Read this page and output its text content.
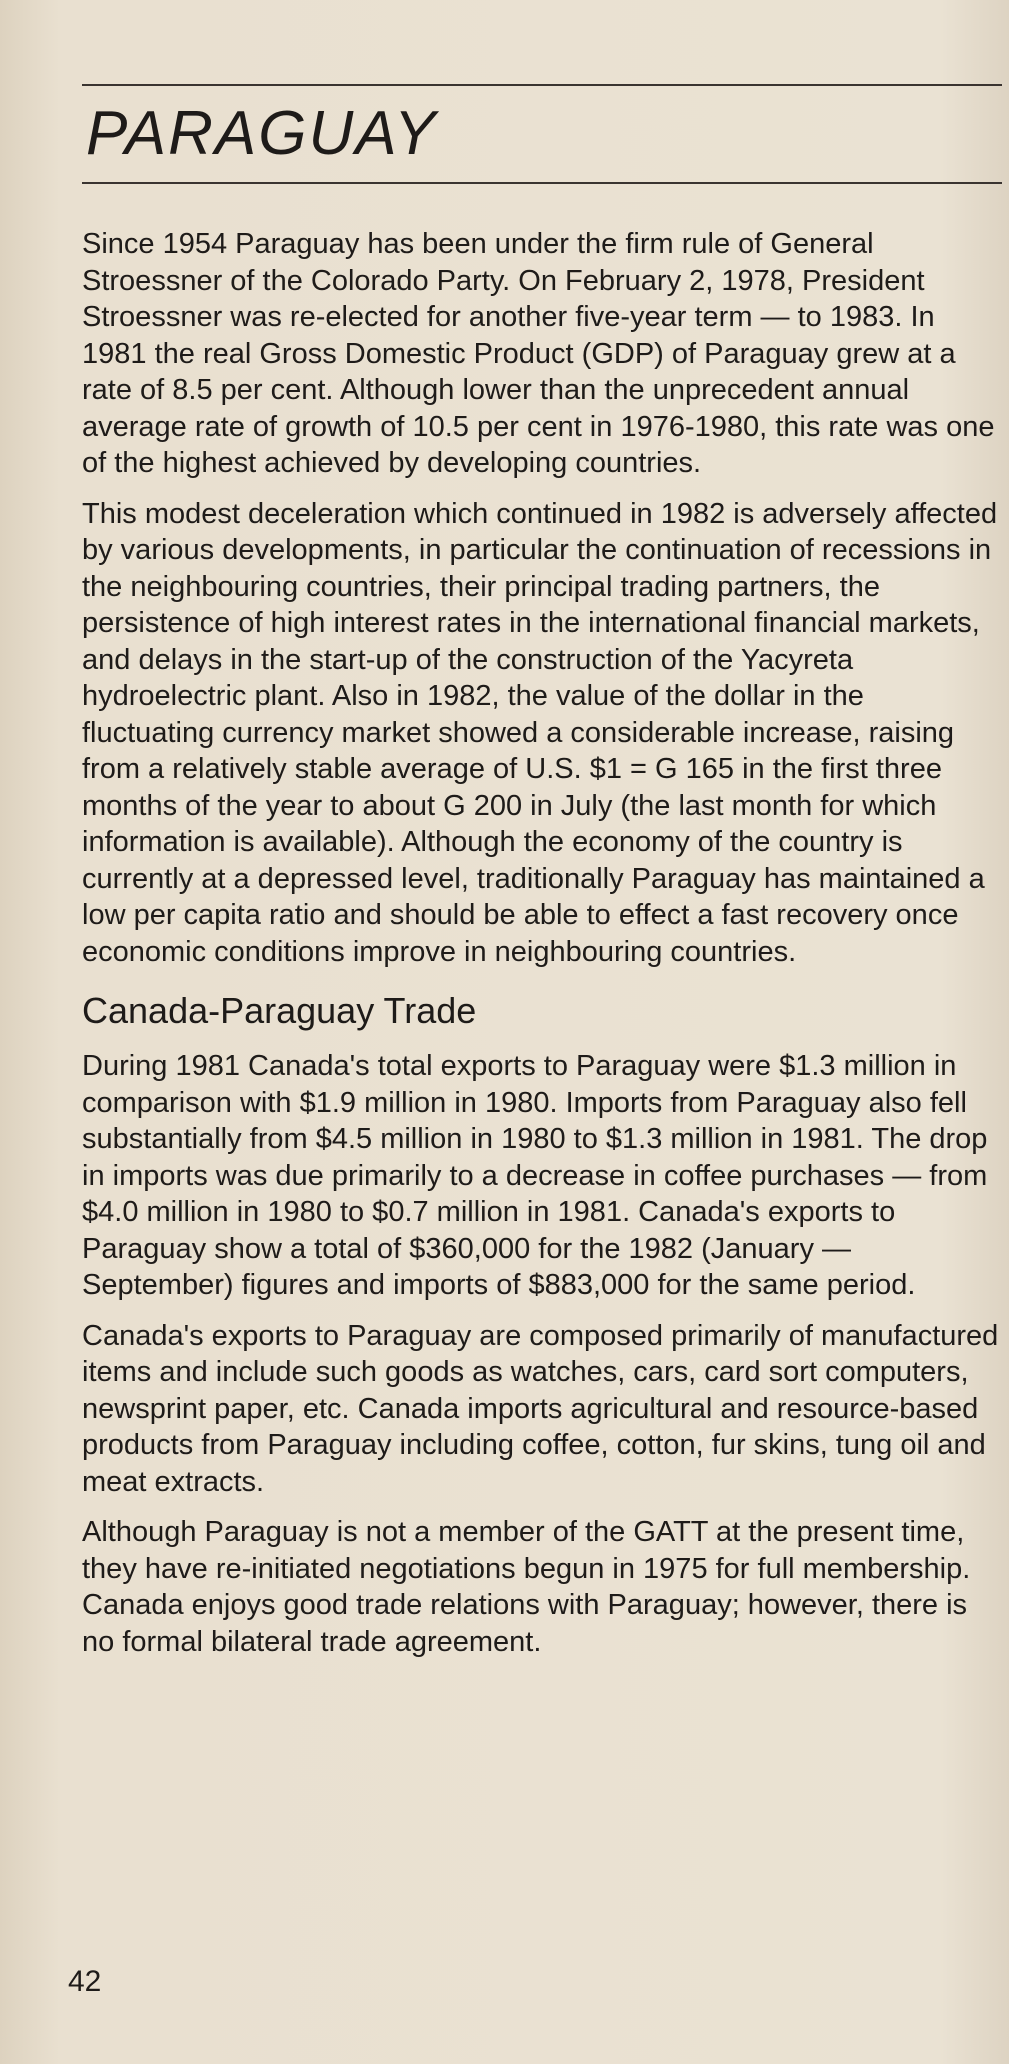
PARAGUAY

Since 1954 Paraguay has been under the firm rule of General Stroessner of the Colorado Party. On February 2, 1978, President Stroessner was re-elected for another five-year term — to 1983. In 1981 the real Gross Domestic Product (GDP) of Paraguay grew at a rate of 8.5 per cent. Although lower than the unprecedent annual average rate of growth of 10.5 per cent in 1976-1980, this rate was one of the highest achieved by developing countries.

This modest deceleration which continued in 1982 is adversely affected by various developments, in particular the continuation of recessions in the neighbouring countries, their principal trading partners, the persistence of high interest rates in the international financial markets, and delays in the start-up of the construction of the Yacyreta hydroelectric plant. Also in 1982, the value of the dollar in the fluctuating currency market showed a considerable increase, raising from a relatively stable average of U.S. $1 = G 165 in the first three months of the year to about G 200 in July (the last month for which information is available). Although the economy of the country is currently at a depressed level, traditionally Paraguay has maintained a low per capita ratio and should be able to effect a fast recovery once economic conditions improve in neighbouring countries.

Canada-Paraguay Trade

During 1981 Canada's total exports to Paraguay were $1.3 million in comparison with $1.9 million in 1980. Imports from Paraguay also fell substantially from $4.5 million in 1980 to $1.3 million in 1981. The drop in imports was due primarily to a decrease in coffee purchases — from $4.0 million in 1980 to $0.7 million in 1981. Canada's exports to Paraguay show a total of $360,000 for the 1982 (January — September) figures and imports of $883,000 for the same period.

Canada's exports to Paraguay are composed primarily of manufactured items and include such goods as watches, cars, card sort computers, newsprint paper, etc. Canada imports agricultural and resource-based products from Paraguay including coffee, cotton, fur skins, tung oil and meat extracts.

Although Paraguay is not a member of the GATT at the present time, they have re-initiated negotiations begun in 1975 for full membership. Canada enjoys good trade relations with Paraguay; however, there is no formal bilateral trade agreement.

42
